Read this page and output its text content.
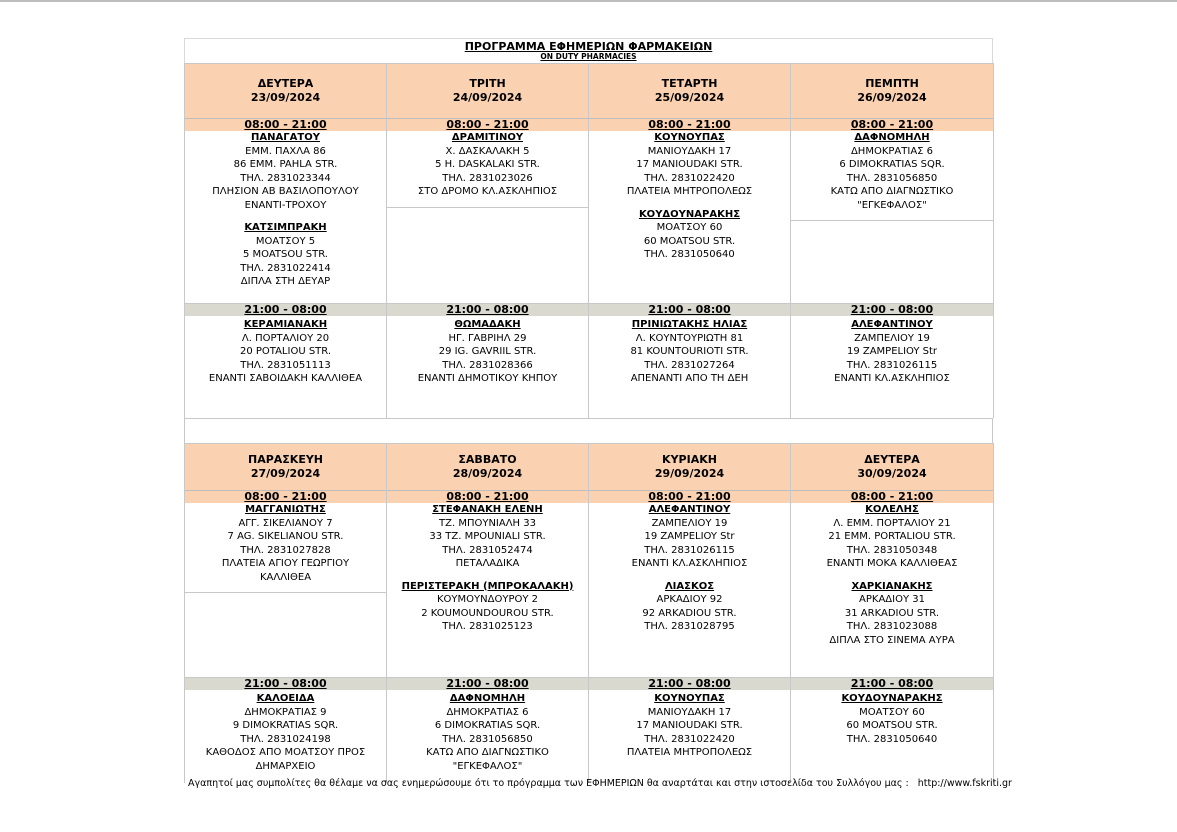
ΠΡΟΓΡΑΜΜΑ ΕΦΗΜΕΡΙΩΝ ΦΑΡΜΑΚΕΙΩΝ
ON DUTY PHARMACIES
ΔΕΥΤΕΡΑ
23/09/2024
08:00 - 21:00
ΠΑΝΑΓΑΤΟΥ
ΕΜΜ. ΠΑΧΛΑ 86
86 ΕΜΜ. PAHLA STR.
ΤΗΛ. 2831023344
ΠΛΗΣΙΟΝ ΑΒ ΒΑΣΙΛΟΠΟΥΛΟΥ
ΕΝΑΝΤΙ-ΤΡΟΧΟΥ
ΚΑΤΣΙΜΠΡΑΚΗ
ΜΟΑΤΣΟΥ 5
5 MOATSOU STR.
ΤΗΛ. 2831022414
ΔΙΠΛΑ ΣΤΗ ΔΕΥΑΡ
21:00 - 08:00
ΚΕΡΑΜΙΑΝΑΚΗ
Λ. ΠΟΡΤΑΛΙΟΥ 20
20 POTALIOU STR.
ΤΗΛ. 2831051113
ΕΝΑΝΤΙ ΣΑΒΟΙΔΑΚΗ ΚΑΛΛΙΘΕΑ
ΤΡΙΤΗ
24/09/2024
08:00 - 21:00
ΔΡΑΜΙΤΙΝΟΥ
Χ. ΔΑΣΚΑΛΑΚΗ 5
5 H. DASKALAKI STR.
ΤΗΛ. 2831023026
ΣΤΟ ΔΡΟΜΟ ΚΛ.ΑΣΚΛΗΠΙΟΣ
21:00 - 08:00
ΘΩΜΑΔΑΚΗ
ΗΓ. ΓΑΒΡΙΗΛ 29
29 IG. GAVRIIL STR.
ΤΗΛ. 2831028366
ΕΝΑΝΤΙ ΔΗΜΟΤΙΚΟΥ ΚΗΠΟΥ
ΤΕΤΑΡΤΗ
25/09/2024
08:00 - 21:00
ΚΟΥΝΟΥΠΑΣ
ΜΑΝΙΟΥΔΑΚΗ 17
17 MANIOUDAKI STR.
ΤΗΛ. 2831022420
ΠΛΑΤΕΙΑ ΜΗΤΡΟΠΟΛΕΩΣ
ΚΟΥΔΟΥΝΑΡΑΚΗΣ
ΜΟΑΤΣΟΥ 60
60 MOATSOU STR.
ΤΗΛ. 2831050640
21:00 - 08:00
ΠΡΙΝΙΩΤΑΚΗΣ ΗΛΙΑΣ
Λ. ΚΟΥΝΤΟΥΡΙΩΤΗ 81
81 KOUNTOURIOTI STR.
ΤΗΛ. 2831027264
ΑΠΕΝΑΝΤΙ ΑΠΟ ΤΗ ΔΕΗ
ΠΕΜΠΤΗ
26/09/2024
08:00 - 21:00
ΔΑΦΝΟΜΗΛΗ
ΔΗΜΟΚΡΑΤΙΑΣ 6
6 DIMOKRATIAS SQR.
ΤΗΛ. 2831056850
ΚΑΤΩ ΑΠΟ ΔΙΑΓΝΩΣΤΙΚΟ
"ΕΓΚΕΦΑΛΟΣ"
21:00 - 08:00
ΑΛΕΦΑΝΤΙΝΟΥ
ΖΑΜΠΕΛΙΟΥ 19
19 ZAMPELIOY Str
ΤΗΛ. 2831026115
ΕΝΑΝΤΙ ΚΛ.ΑΣΚΛΗΠΙΟΣ
ΠΑΡΑΣΚΕΥΗ
27/09/2024
08:00 - 21:00
ΜΑΓΓΑΝΙΩΤΗΣ
ΑΓΓ. ΣΙΚΕΛΙΑΝΟΥ 7
7 AG. SIKELIANOU STR.
ΤΗΛ. 2831027828
ΠΛΑΤΕΙΑ ΑΓΙΟΥ ΓΕΩΡΓΙΟΥ
ΚΑΛΛΙΘΕΑ
21:00 - 08:00
ΚΑΛΟΕΙΔΑ
ΔΗΜΟΚΡΑΤΙΑΣ 9
9 DIMOKRATIAS SQR.
ΤΗΛ. 2831024198
ΚΑΘΟΔΟΣ ΑΠΟ ΜΟΑΤΣΟΥ ΠΡΟΣ
ΔΗΜΑΡΧΕΙΟ
ΣΑΒΒΑΤΟ
28/09/2024
08:00 - 21:00
ΣΤΕΦΑΝΑΚΗ ΕΛΕΝΗ
ΤΖ. ΜΠΟΥΝΙΑΛΗ 33
33 TZ. MPOUNIALI STR.
ΤΗΛ. 2831052474
ΠΕΤΑΛΑΔΙΚΑ
ΠΕΡΙΣΤΕΡΑΚΗ (ΜΠΡΟΚΑΛΑΚΗ)
ΚΟΥΜΟΥΝΔΟΥΡΟΥ 2
2 KOUMOUNDOUROU STR.
ΤΗΛ. 2831025123
21:00 - 08:00
ΔΑΦΝΟΜΗΛΗ
ΔΗΜΟΚΡΑΤΙΑΣ 6
6 DIMOKRATIAS SQR.
ΤΗΛ. 2831056850
ΚΑΤΩ ΑΠΟ ΔΙΑΓΝΩΣΤΙΚΟ
"ΕΓΚΕΦΑΛΟΣ"
ΚΥΡΙΑΚΗ
29/09/2024
08:00 - 21:00
ΑΛΕΦΑΝΤΙΝΟΥ
ΖΑΜΠΕΛΙΟΥ 19
19 ZAMPELIOY Str
ΤΗΛ. 2831026115
ΕΝΑΝΤΙ ΚΛ.ΑΣΚΛΗΠΙΟΣ
ΛΙΑΣΚΟΣ
ΑΡΚΑΔΙΟΥ 92
92 ARKADIOU STR.
ΤΗΛ. 2831028795
21:00 - 08:00
ΚΟΥΝΟΥΠΑΣ
ΜΑΝΙΟΥΔΑΚΗ 17
17 MANIOUDAKI STR.
ΤΗΛ. 2831022420
ΠΛΑΤΕΙΑ ΜΗΤΡΟΠΟΛΕΩΣ
ΔΕΥΤΕΡΑ
30/09/2024
08:00 - 21:00
ΚΟΛΕΛΗΣ
Λ. ΕΜΜ. ΠΟΡΤΑΛΙΟΥ 21
21 EMM. PORTALIOU STR.
ΤΗΛ. 2831050348
ΕΝΑΝΤΙ ΜΟΚΑ ΚΑΛΛΙΘΕΑΣ
ΧΑΡΚΙΑΝΑΚΗΣ
ΑΡΚΑΔΙΟΥ 31
31 ARKADIOU STR.
ΤΗΛ. 2831023088
ΔΙΠΛΑ ΣΤΟ ΣΙΝΕΜΑ ΑΥΡΑ
21:00 - 08:00
ΚΟΥΔΟΥΝΑΡΑΚΗΣ
ΜΟΑΤΣΟΥ 60
60 MOATSOU STR.
ΤΗΛ. 2831050640
Αγαπητοί μας συμπολίτες θα θέλαμε να σας ενημερώσουμε ότι το πρόγραμμα των ΕΦΗΜΕΡΙΩΝ θα αναρτάται και στην ιστοσελίδα του Συλλόγου μας : http://www.fskriti.gr
